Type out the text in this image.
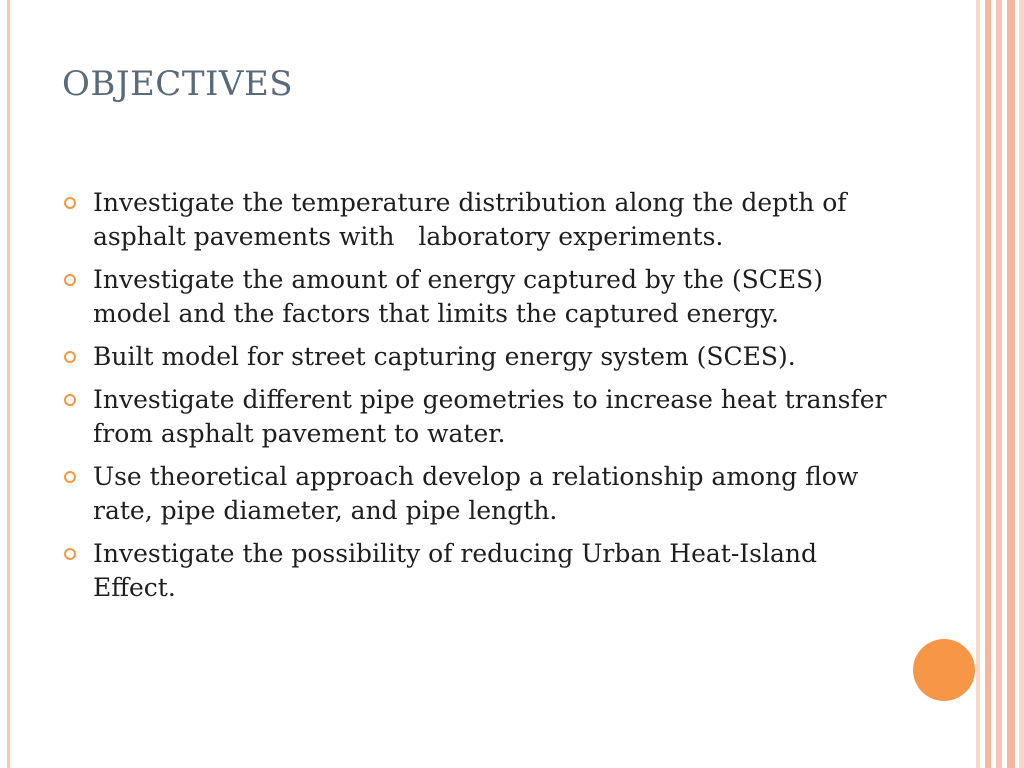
OBJECTIVES
Investigate the temperature distribution along the depth of asphalt pavements with   laboratory experiments.
Investigate the amount of energy captured by the (SCES) model and the factors that limits the captured energy.
Built model for street capturing energy system (SCES).
Investigate different pipe geometries to increase heat transfer from asphalt pavement to water.
Use theoretical approach develop a relationship among flow rate, pipe diameter, and pipe length.
Investigate the possibility of reducing Urban Heat-Island Effect.
